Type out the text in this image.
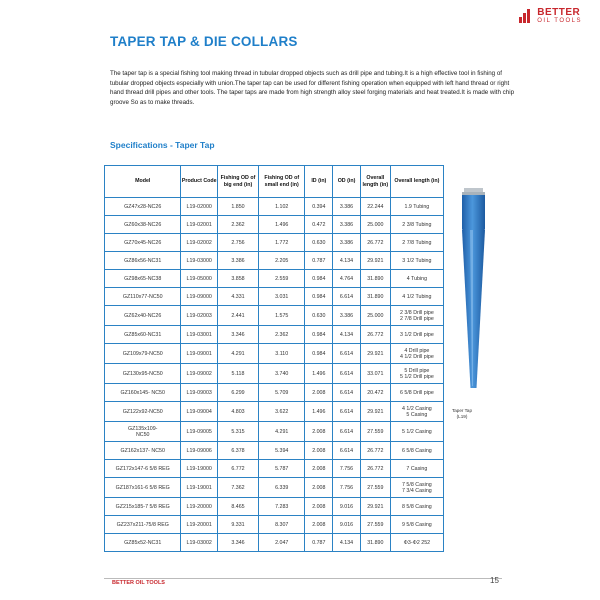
BETTER
OIL TOOLS
TAPER TAP & DIE COLLARS

The taper tap is a special fishing tool making thread in tubular dropped objects such as drill pipe and tubing.It is a high effective tool in fishing of tubular dropped objects especially with union.The taper tap can be used for different fishing operation when equipped with left hand thread or right hand thread drill pipes and other tools. The taper taps are made from high strength alloy steel forging materials and heat treated.It is made with chip groove So as to make threads.

Specifications - Taper Tap
Model	Product Code	Fishing OD of big end (in)	Fishing OD of small end (in)	ID (in)	OD (in)	Overall length (in)	Overall length (in)
GZ47x28-NC26	L19-02000	1.850	1.102	0.394	3.386	22.244	1.9 Tubing
GZ60x38-NC26	L19-02001	2.362	1.496	0.472	3.386	25.000	2 3/8 Tubing
GZ70x45-NC26	L19-02002	2.756	1.772	0.630	3.386	26.772	2 7/8 Tubing
GZ86x56-NC31	L19-03000	3.386	2.205	0.787	4.134	29.921	3 1/2 Tubing
GZ98x65-NC38	L19-05000	3.858	2.559	0.984	4.764	31.890	4 Tubing
GZ110x77-NC50	L19-09000	4.331	3.031	0.984	6.614	31.890	4 1/2 Tubing
GZ62x40-NC26	L19-02003	2.441	1.575	0.630	3.386	25.000	2 3/8 Drill pipe
2 7/8 Drill pipe
GZ85x60-NC31	L19-03001	3.346	2.362	0.984	4.134	26.772	3 1/2 Drill pipe
GZ109x79-NC50	L19-09001	4.291	3.110	0.984	6.614	29.921	4 Drill pipe
4 1/2 Drill pipe
GZ130x95-NC50	L19-09002	5.118	3.740	1.496	6.614	33.071	5 Drill pipe
5 1/2 Drill pipe
GZ160x145- NC50	L19-09003	6.299	5.709	2.008	6.614	20.472	6 5/8 Drill pipe
GZ122x92-NC50	L19-09004	4.803	3.622	1.496	6.614	29.921	4 1/2 Casing
5 Casing
GZ135x109-
NC50	L19-09005	5.315	4.291	2.008	6.614	27.559	5 1/2 Casing
GZ162x137- NC50	L19-09006	6.378	5.394	2.008	6.614	26.772	6 5/8 Casing
GZ172x147-6 5/8 REG	L19-19000	6.772	5.787	2.008	7.756	26.772	7 Casing
GZ187x161-6 5/8 REG	L19-19001	7.362	6.339	2.008	7.756	27.559	7 5/8 Casing
7 3/4 Casing
GZ215x185-7 5/8 REG	L19-20000	8.465	7.283	2.008	9.016	29.921	8 5/8 Casing
GZ237x211-75/8 REG	L19-20001	9.331	8.307	2.008	9.016	27.559	9 5/8 Casing
GZ85x52-NC31	L19-03002	3.346	2.047	0.787	4.134	31.890	Φ3-Φ2 252
Taper Tap
(L19)
BETTER OIL TOOLS	15
